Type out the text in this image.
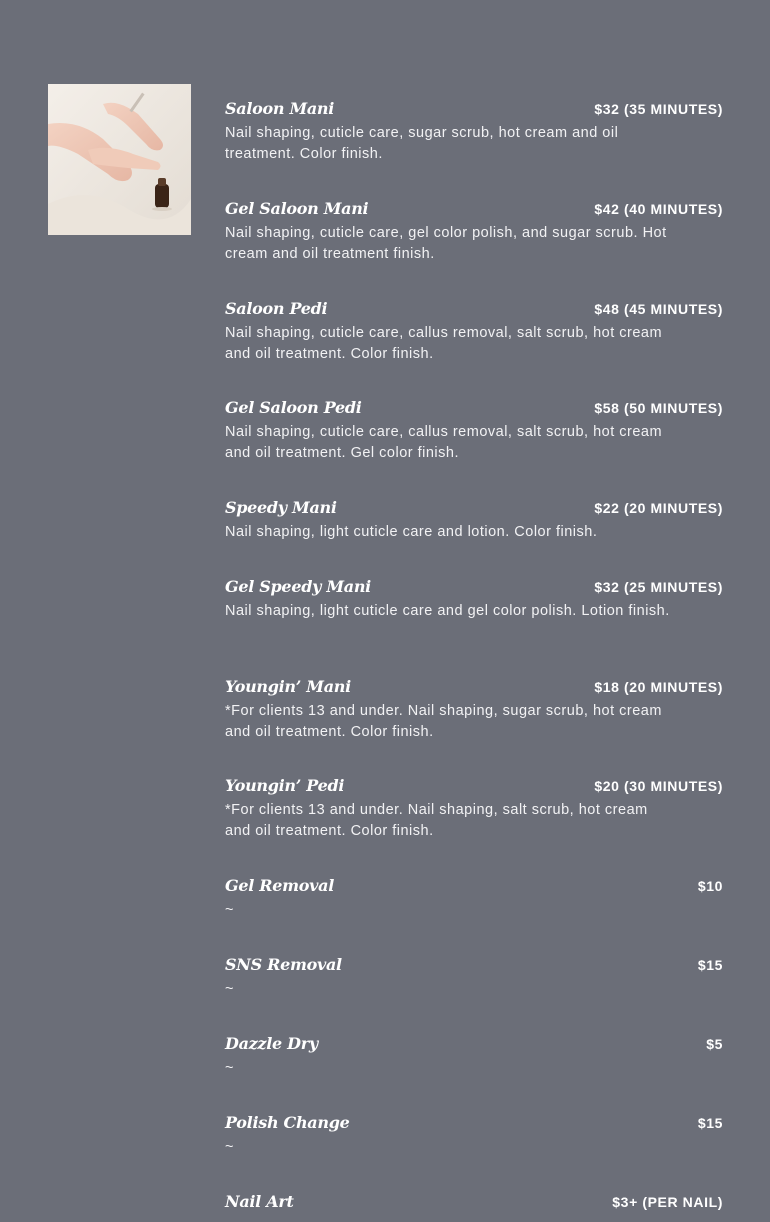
Saloon Mani	$32 (35 MINUTES)
Nail shaping, cuticle care, sugar scrub, hot cream and oil treatment. Color finish.
Gel Saloon Mani	$42 (40 MINUTES)
Nail shaping, cuticle care, gel color polish, and sugar scrub. Hot cream and oil treatment finish.
Saloon Pedi	$48 (45 MINUTES)
Nail shaping, cuticle care, callus removal, salt scrub, hot cream and oil treatment. Color finish.
Gel Saloon Pedi	$58 (50 MINUTES)
Nail shaping, cuticle care, callus removal, salt scrub, hot cream and oil treatment. Gel color finish.
Speedy Mani	$22 (20 MINUTES)
Nail shaping, light cuticle care and lotion. Color finish.
Gel Speedy Mani	$32 (25 MINUTES)
Nail shaping, light cuticle care and gel color polish. Lotion finish.
Youngin’ Mani	$18 (20 MINUTES)
*For clients 13 and under. Nail shaping, sugar scrub, hot cream and oil treatment. Color finish.
Youngin’ Pedi	$20 (30 MINUTES)
*For clients 13 and under. Nail shaping, salt scrub, hot cream and oil treatment. Color finish.
Gel Removal	$10
~
SNS Removal	$15
~
Dazzle Dry	$5
~
Polish Change	$15
~
Nail Art	$3+ (PER NAIL)
